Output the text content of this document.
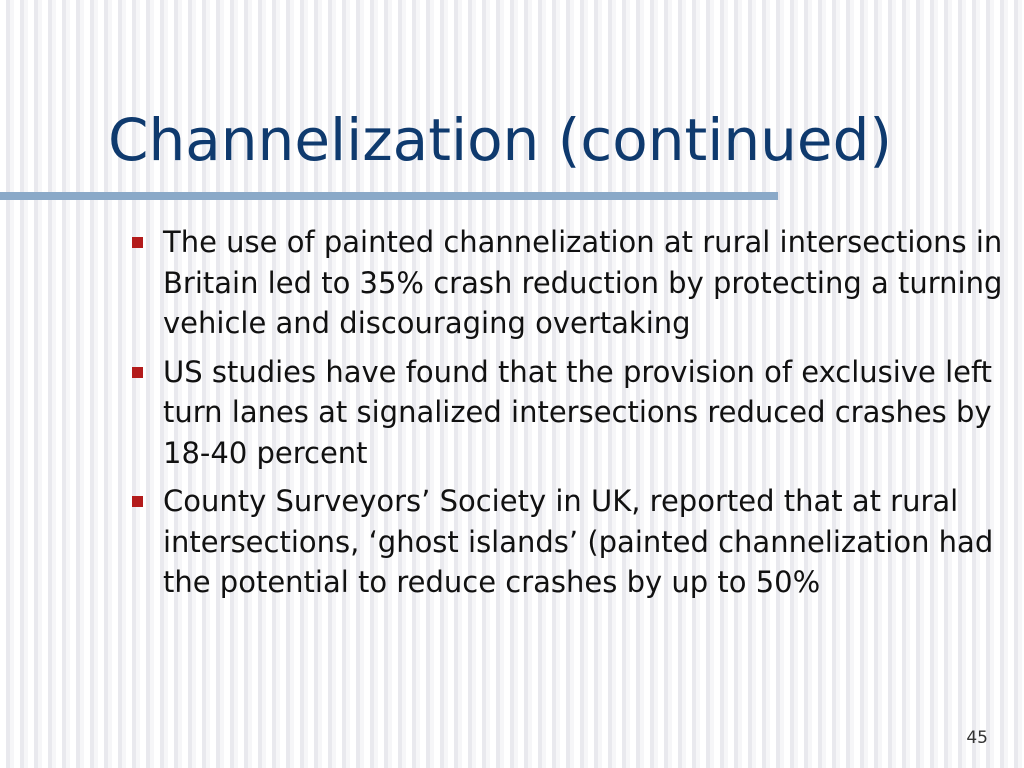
Channelization (continued)
The use of painted channelization at rural intersections in Britain led to 35% crash reduction by protecting a turning vehicle and discouraging overtaking
US studies have found that the provision of exclusive left turn lanes at signalized intersections reduced crashes by 18-40 percent
County Surveyors’ Society in UK, reported that at rural intersections, ‘ghost islands’ (painted channelization had the potential to reduce crashes by up to 50%
45
